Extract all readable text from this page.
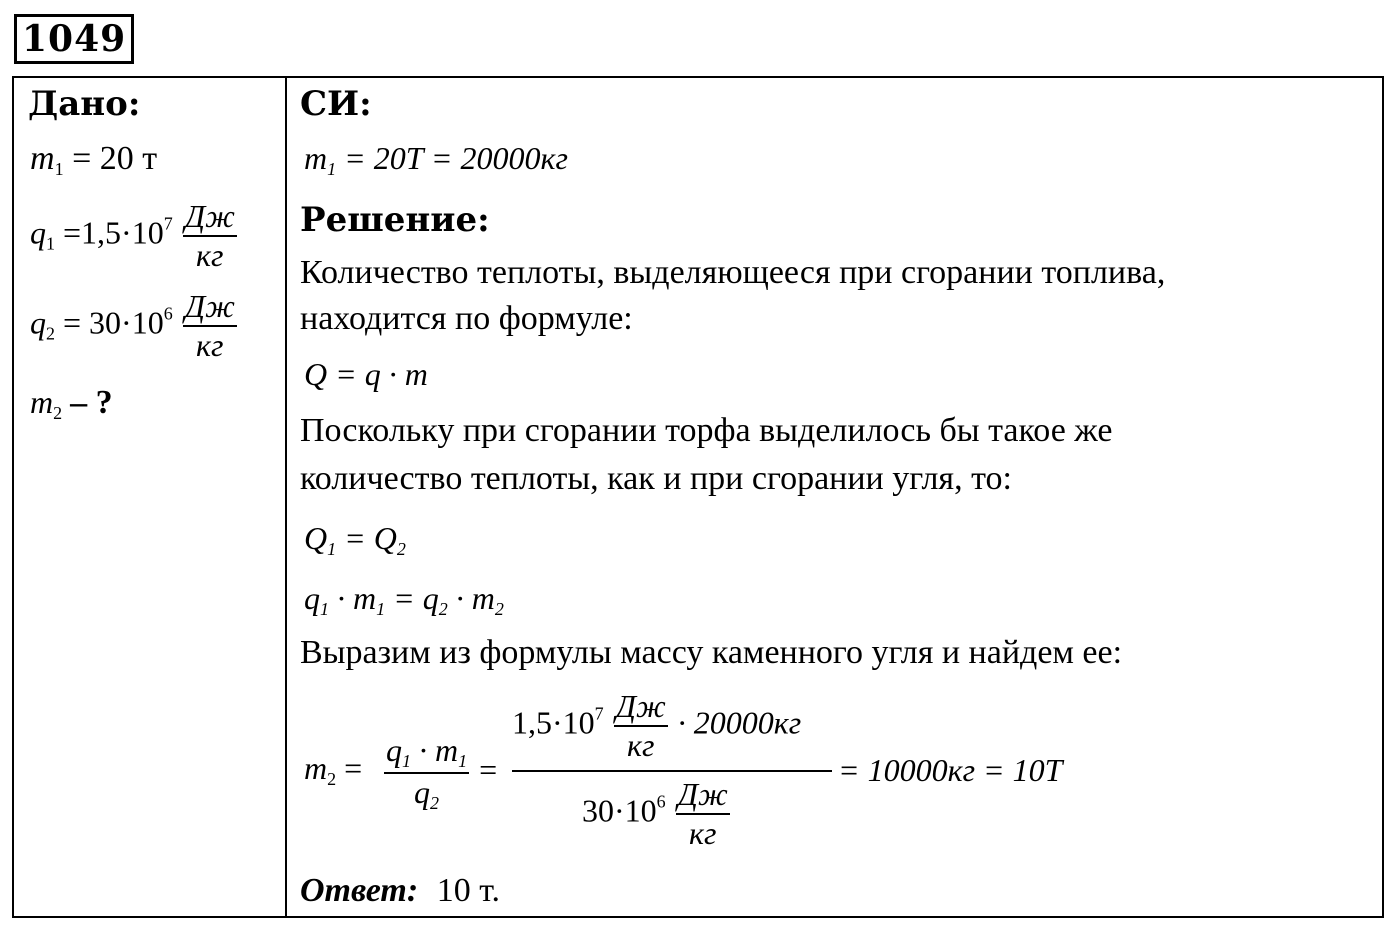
1049
Дано:
$m_1 = 20$ т
$q_1 =1,5\cdot 10^7 \frac{Дж}{кг}$
$q_2 = 30\cdot 10^6 \frac{Дж}{кг}$
$m_2$ – ?
СИ:
$m_1 = 20T = 20000кг$
Решение:
Количество теплоты, выделяющееся при сгорании топлива,
находится по формуле:
Q = q · m
Поскольку при сгорании торфа выделилось бы такое же
количество теплоты, как и при сгорании угля, то:
$Q_1 = Q_2$
$q_1 \cdot m_1 = q_2 \cdot m_2$
Выразим из формулы массу каменного угля и найдем ее:
$m_2 = \frac{q_1 \cdot m_1}{q_2}$ =
$1,5\cdot 10^7 \frac{Дж}{кг} \cdot 20000кг$
$30\cdot 10^6 \frac{Дж}{кг}$
= 10000кг = 10T
Ответ: 10 т.
